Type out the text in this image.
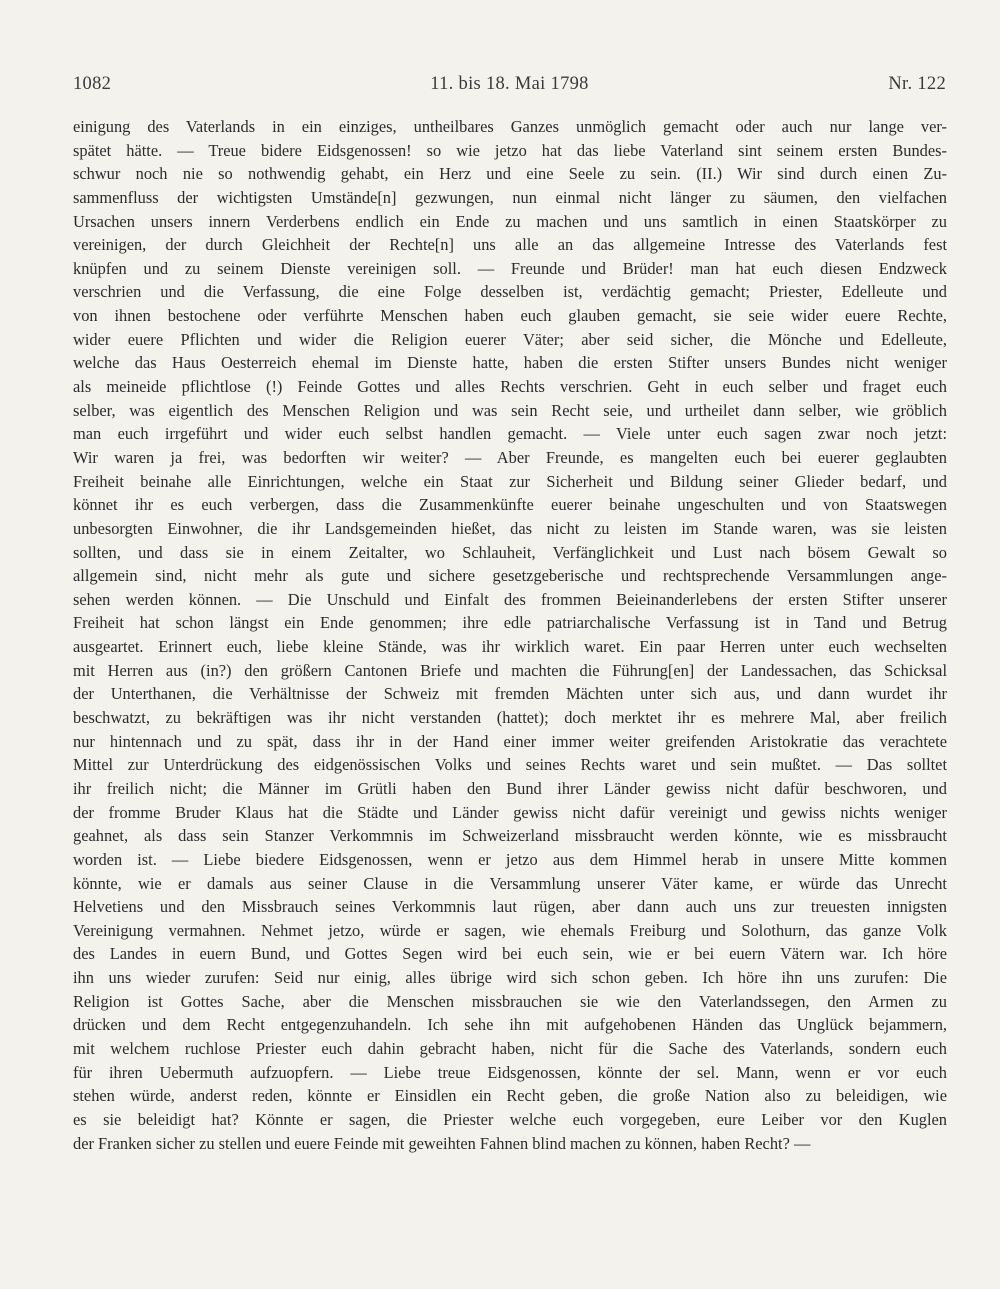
1082	11. bis 18. Mai 1798	Nr. 122
einigung des Vaterlands in ein einziges, untheilbares Ganzes unmöglich gemacht oder auch nur lange ver-
spätet hätte. — Treue bidere Eidsgenossen! so wie jetzo hat das liebe Vaterland sint seinem ersten Bundes-
schwur noch nie so nothwendig gehabt, ein Herz und eine Seele zu sein. (II.) Wir sind durch einen Zu-
sammenfluss der wichtigsten Umstände[n] gezwungen, nun einmal nicht länger zu säumen, den vielfachen
Ursachen unsers innern Verderbens endlich ein Ende zu machen und uns samtlich in einen Staatskörper zu
vereinigen, der durch Gleichheit der Rechte[n] uns alle an das allgemeine Intresse des Vaterlands fest
knüpfen und zu seinem Dienste vereinigen soll. — Freunde und Brüder! man hat euch diesen Endzweck
verschrien und die Verfassung, die eine Folge desselben ist, verdächtig gemacht; Priester, Edelleute und
von ihnen bestochene oder verführte Menschen haben euch glauben gemacht, sie seie wider euere Rechte,
wider euere Pflichten und wider die Religion euerer Väter; aber seid sicher, die Mönche und Edelleute,
welche das Haus Oesterreich ehemal im Dienste hatte, haben die ersten Stifter unsers Bundes nicht weniger
als meineide pflichtlose (!) Feinde Gottes und alles Rechts verschrien. Geht in euch selber und fraget euch
selber, was eigentlich des Menschen Religion und was sein Recht seie, und urtheilet dann selber, wie gröblich
man euch irrgeführt und wider euch selbst handlen gemacht. — Viele unter euch sagen zwar noch jetzt:
Wir waren ja frei, was bedorften wir weiter? — Aber Freunde, es mangelten euch bei euerer geglaubten
Freiheit beinahe alle Einrichtungen, welche ein Staat zur Sicherheit und Bildung seiner Glieder bedarf, und
könnet ihr es euch verbergen, dass die Zusammenkünfte euerer beinahe ungeschulten und von Staatswegen
unbesorgten Einwohner, die ihr Landsgemeinden hießet, das nicht zu leisten im Stande waren, was sie leisten
sollten, und dass sie in einem Zeitalter, wo Schlauheit, Verfänglichkeit und Lust nach bösem Gewalt so
allgemein sind, nicht mehr als gute und sichere gesetzgeberische und rechtsprechende Versammlungen ange-
sehen werden können. — Die Unschuld und Einfalt des frommen Beieinanderlebens der ersten Stifter unserer
Freiheit hat schon längst ein Ende genommen; ihre edle patriarchalische Verfassung ist in Tand und Betrug
ausgeartet. Erinnert euch, liebe kleine Stände, was ihr wirklich waret. Ein paar Herren unter euch wechselten
mit Herren aus (in?) den größern Cantonen Briefe und machten die Führung[en] der Landessachen, das Schicksal
der Unterthanen, die Verhältnisse der Schweiz mit fremden Mächten unter sich aus, und dann wurdet ihr
beschwatzt, zu bekräftigen was ihr nicht verstanden (hattet); doch merktet ihr es mehrere Mal, aber freilich
nur hintennach und zu spät, dass ihr in der Hand einer immer weiter greifenden Aristokratie das verachtete
Mittel zur Unterdrückung des eidgenössischen Volks und seines Rechts waret und sein mußtet. — Das solltet
ihr freilich nicht; die Männer im Grütli haben den Bund ihrer Länder gewiss nicht dafür beschworen, und
der fromme Bruder Klaus hat die Städte und Länder gewiss nicht dafür vereinigt und gewiss nichts weniger
geahnet, als dass sein Stanzer Verkommnis im Schweizerland missbraucht werden könnte, wie es missbraucht
worden ist. — Liebe biedere Eidsgenossen, wenn er jetzo aus dem Himmel herab in unsere Mitte kommen
könnte, wie er damals aus seiner Clause in die Versammlung unserer Väter kame, er würde das Unrecht
Helvetiens und den Missbrauch seines Verkommnis laut rügen, aber dann auch uns zur treuesten innigsten
Vereinigung vermahnen. Nehmet jetzo, würde er sagen, wie ehemals Freiburg und Solothurn, das ganze Volk
des Landes in euern Bund, und Gottes Segen wird bei euch sein, wie er bei euern Vätern war. Ich höre
ihn uns wieder zurufen: Seid nur einig, alles übrige wird sich schon geben. Ich höre ihn uns zurufen: Die
Religion ist Gottes Sache, aber die Menschen missbrauchen sie wie den Vaterlandssegen, den Armen zu
drücken und dem Recht entgegenzuhandeln. Ich sehe ihn mit aufgehobenen Händen das Unglück bejammern,
mit welchem ruchlose Priester euch dahin gebracht haben, nicht für die Sache des Vaterlands, sondern euch
für ihren Uebermuth aufzuopfern. — Liebe treue Eidsgenossen, könnte der sel. Mann, wenn er vor euch
stehen würde, anderst reden, könnte er Einsidlen ein Recht geben, die große Nation also zu beleidigen, wie
es sie beleidigt hat? Könnte er sagen, die Priester welche euch vorgegeben, eure Leiber vor den Kuglen
der Franken sicher zu stellen und euere Feinde mit geweihten Fahnen blind machen zu können, haben Recht? —
